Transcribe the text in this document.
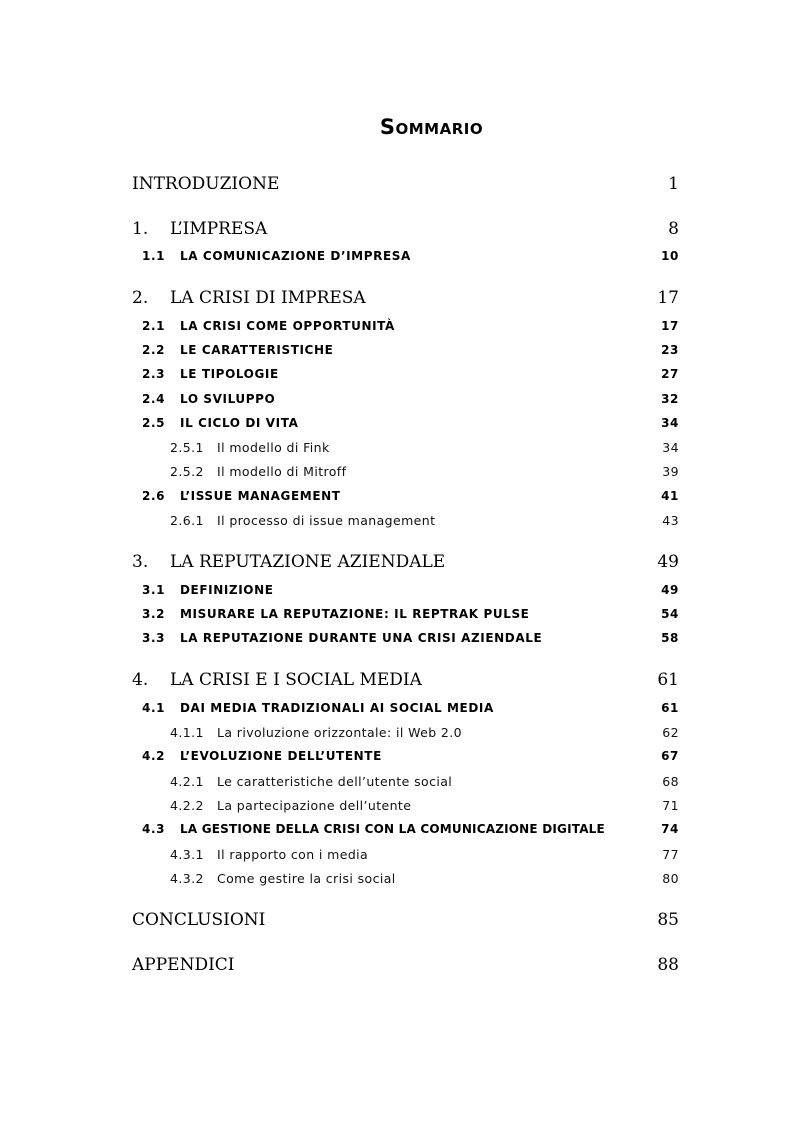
Sommario
INTRODUZIONE	1
1. L’IMPRESA	8
1.1 LA COMUNICAZIONE D’IMPRESA	10
2. LA CRISI DI IMPRESA	17
2.1 LA CRISI COME OPPORTUNITÀ	17
2.2 LE CARATTERISTICHE	23
2.3 LE TIPOLOGIE	27
2.4 LO SVILUPPO	32
2.5 IL CICLO DI VITA	34
2.5.1 Il modello di Fink	34
2.5.2 Il modello di Mitroff	39
2.6 L’ISSUE MANAGEMENT	41
2.6.1 Il processo di issue management	43
3. LA REPUTAZIONE AZIENDALE	49
3.1 DEFINIZIONE	49
3.2 MISURARE LA REPUTAZIONE: IL REPTRAK PULSE	54
3.3 LA REPUTAZIONE DURANTE UNA CRISI AZIENDALE	58
4. LA CRISI E I SOCIAL MEDIA	61
4.1 DAI MEDIA TRADIZIONALI AI SOCIAL MEDIA	61
4.1.1 La rivoluzione orizzontale: il Web 2.0	62
4.2 L’EVOLUZIONE DELL’UTENTE	67
4.2.1 Le caratteristiche dell’utente social	68
4.2.2 La partecipazione dell’utente	71
4.3 LA GESTIONE DELLA CRISI CON LA COMUNICAZIONE DIGITALE	74
4.3.1 Il rapporto con i media	77
4.3.2 Come gestire la crisi social	80
CONCLUSIONI	85
APPENDICI	88
